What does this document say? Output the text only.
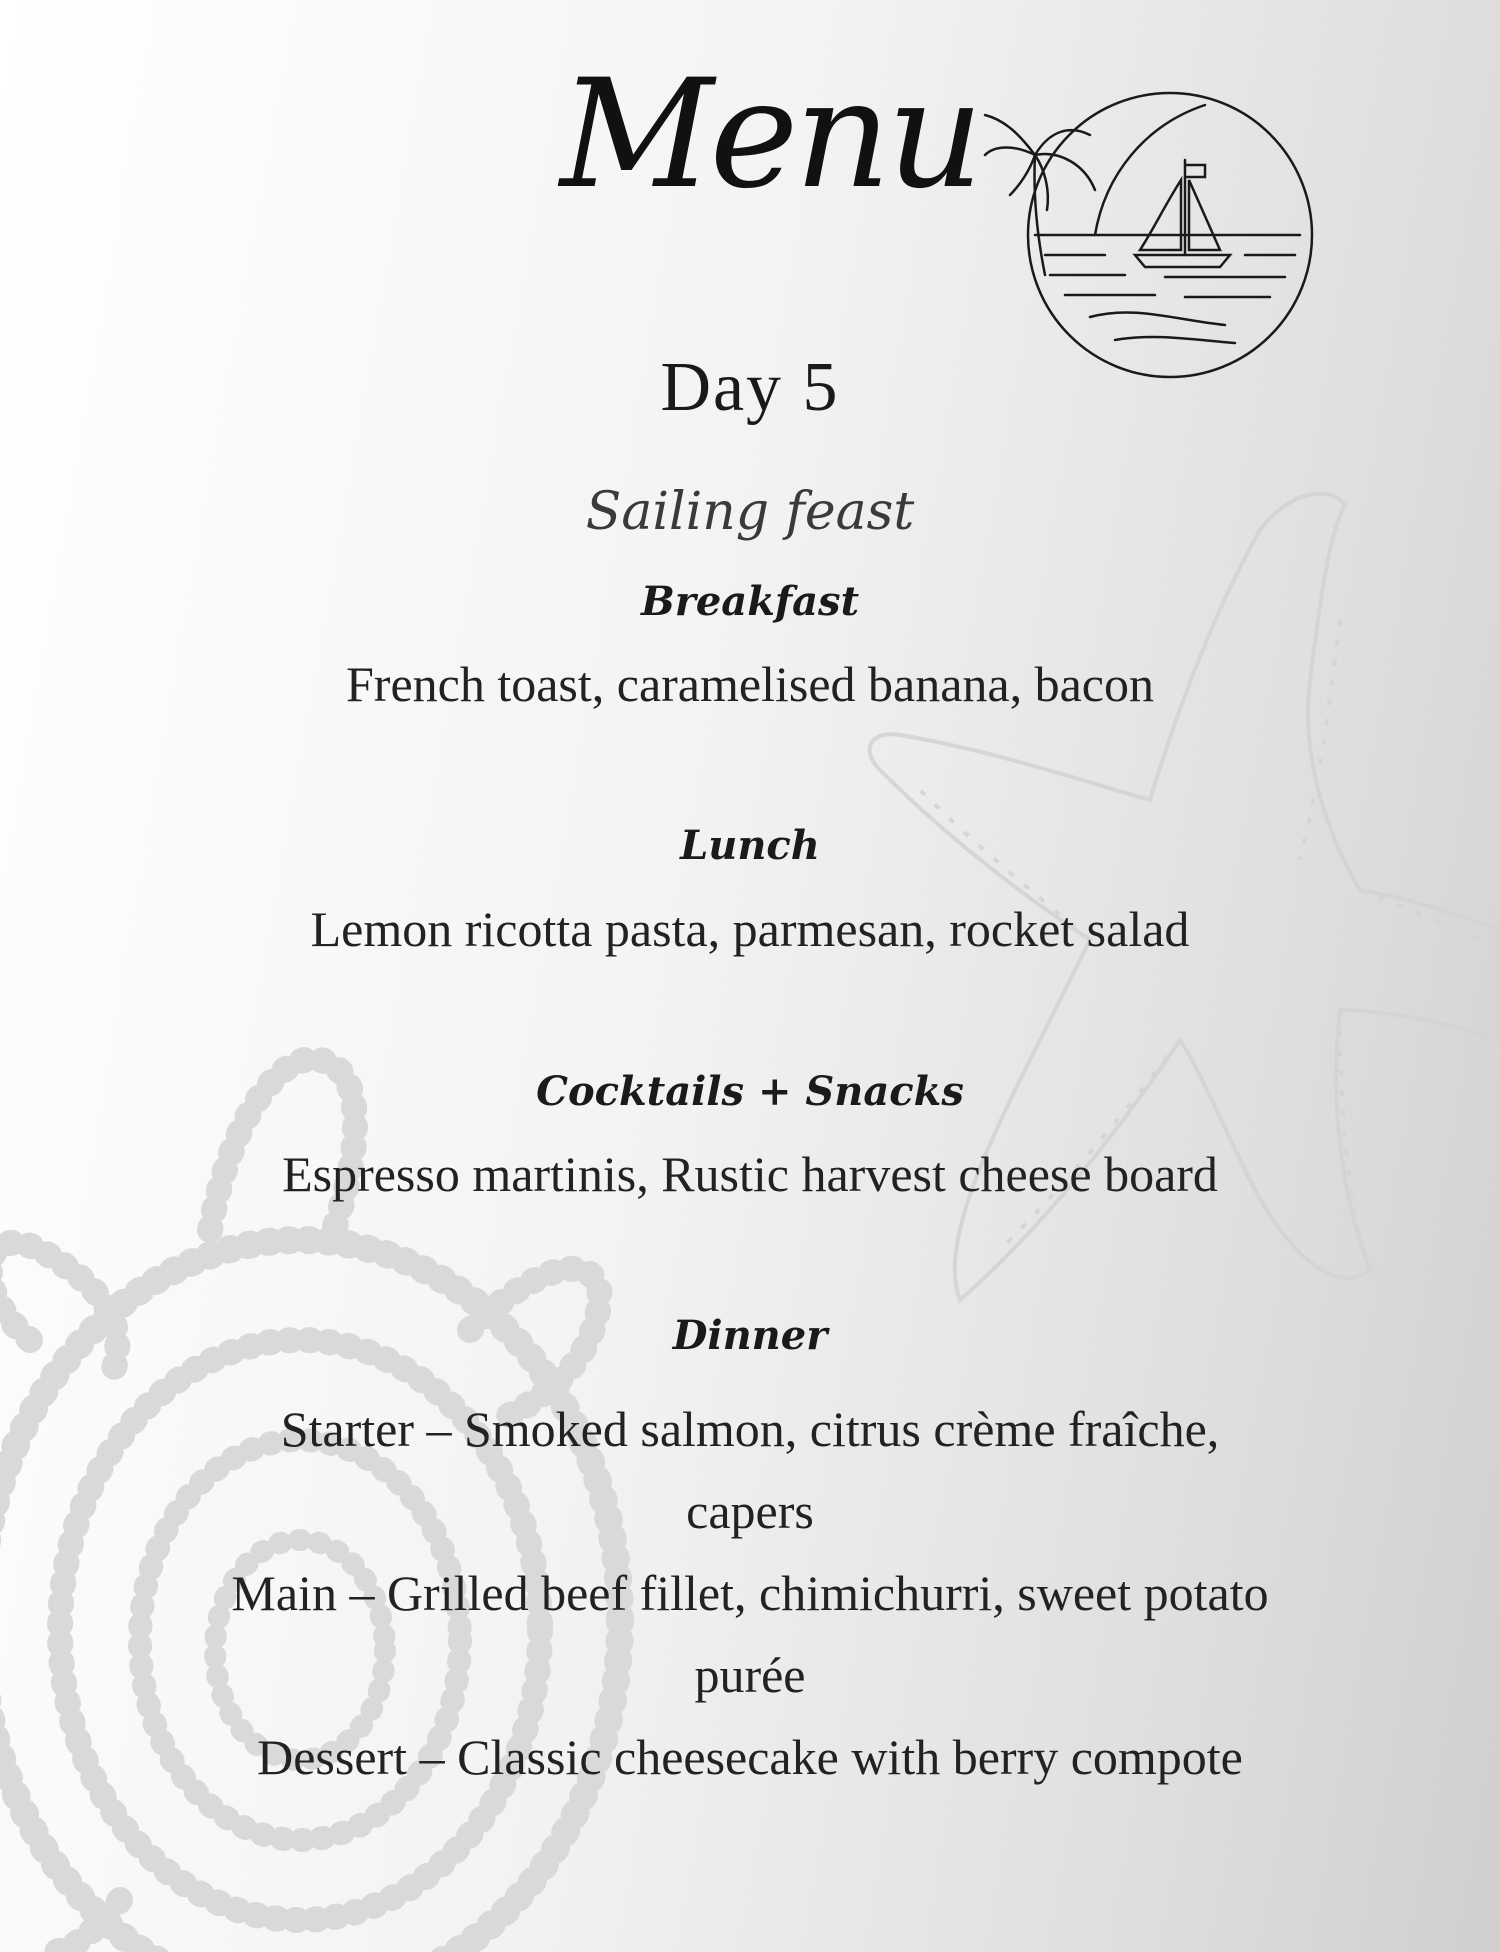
Menu
Day 5
Sailing feast
Breakfast
French toast, caramelised banana, bacon
Lunch
Lemon ricotta pasta, parmesan, rocket salad
Cocktails + Snacks
Espresso martinis, Rustic harvest cheese board
Dinner
Starter – Smoked salmon, citrus crème fraîche,
capers
Main – Grilled beef fillet, chimichurri, sweet potato
purée
Dessert – Classic cheesecake with berry compote
